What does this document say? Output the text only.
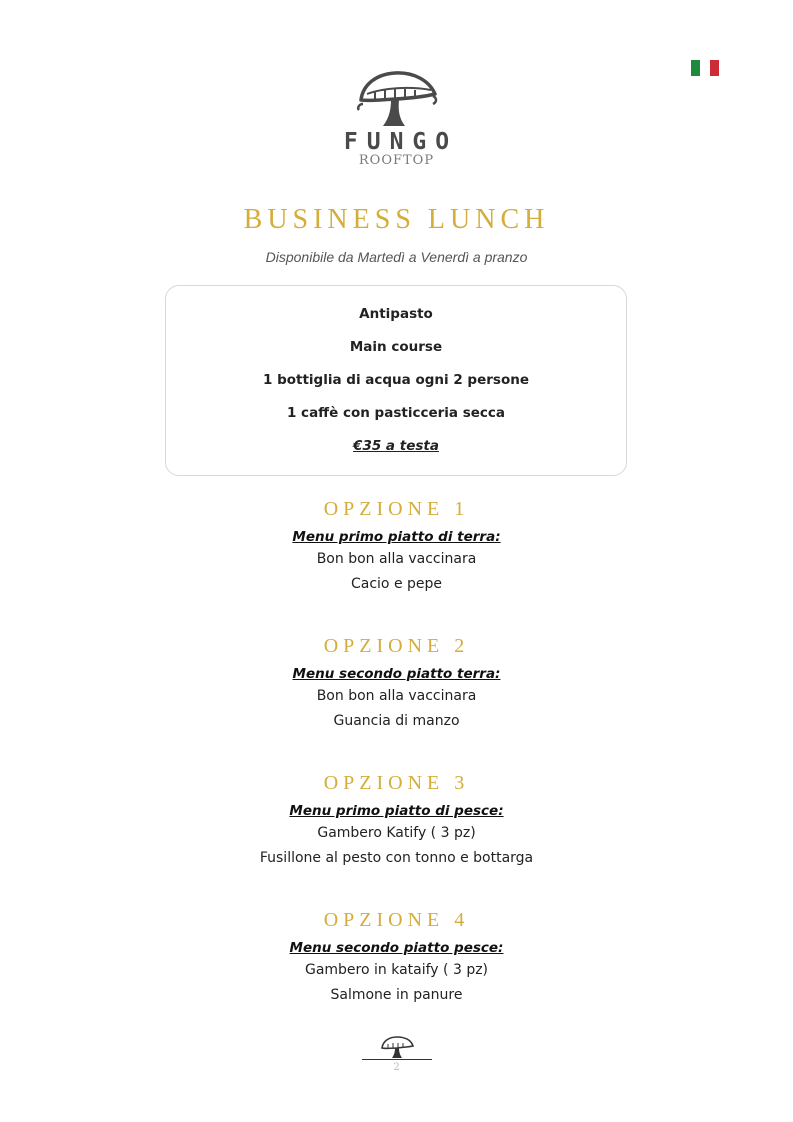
FUNGO
ROOFTOP
BUSINESS LUNCH
Disponibile da Martedì a Venerdì a pranzo
Antipasto
Main course
1 bottiglia di acqua ogni 2 persone
1 caffè con pasticceria secca
€35 a testa
OPZIONE 1
Menu primo piatto di terra:
Bon bon alla vaccinara
Cacio e pepe
OPZIONE 2
Menu secondo piatto terra:
Bon bon alla vaccinara
Guancia di manzo
OPZIONE 3
Menu primo piatto di pesce:
Gambero Katify ( 3 pz)
Fusillone al pesto con tonno e bottarga
OPZIONE 4
Menu secondo piatto pesce:
Gambero in kataify ( 3 pz)
Salmone in panure
2
